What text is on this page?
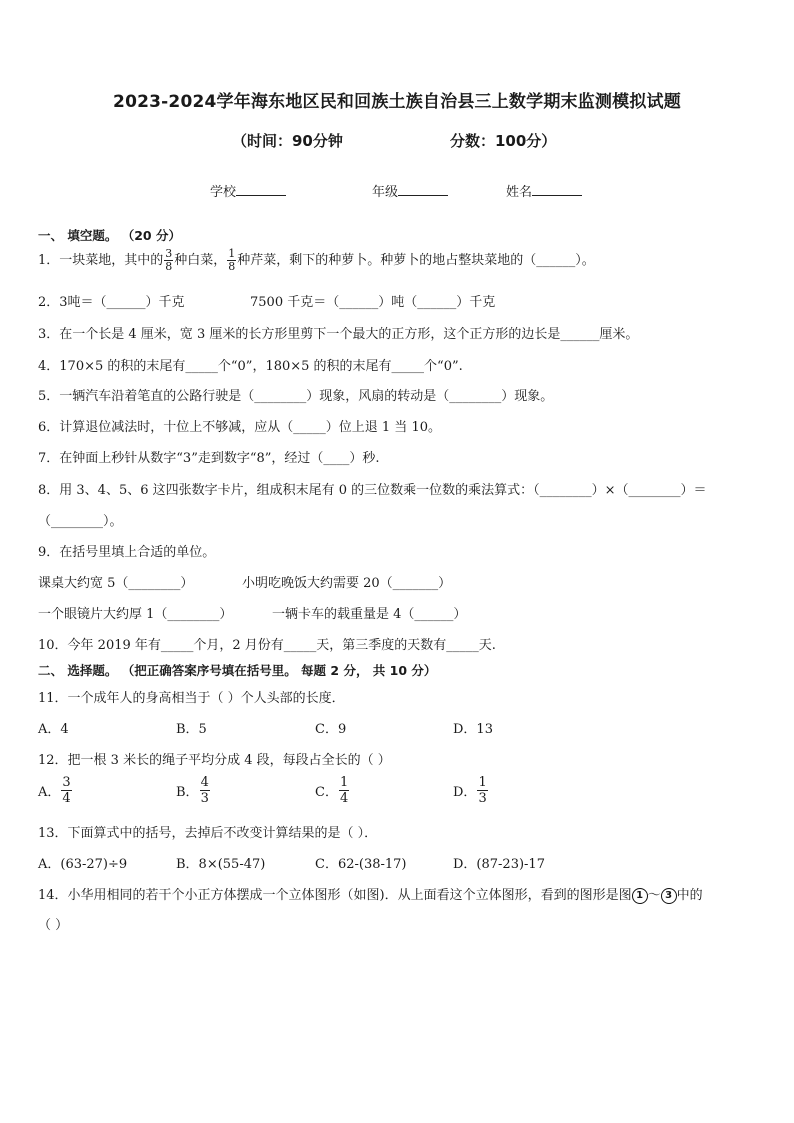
2023-2024学年海东地区民和回族土族自治县三上数学期末监测模拟试题
（时间：90分钟	分数：100分）
学校	年级	姓名
一、 填空题。 （20 分）
1．一块菜地，其中的 $\frac{3}{8}$ 种白菜， $\frac{1}{8}$ 种芹菜，剩下的种萝卜。种萝卜的地占整块菜地的（______）。
2．3吨＝（______）千克	7500 千克＝（______）吨（______）千克
3．在一个长是 4 厘米，宽 3 厘米的长方形里剪下一个最大的正方形，这个正方形的边长是______厘米。
4．170×5 的积的末尾有_____个“0”，180×5 的积的末尾有_____个“0”.
5．一辆汽车沿着笔直的公路行驶是（________）现象，风扇的转动是（________）现象。
6．计算退位减法时，十位上不够减，应从（_____）位上退 1 当 10。
7．在钟面上秒针从数字“3”走到数字“8”，经过（____）秒.
8．用 3、4、5、6 这四张数字卡片，组成积末尾有 0 的三位数乘一位数的乘法算式：（________）×（________）＝
（________）。
9．在括号里填上合适的单位。
课桌大约宽 5（________）	小明吃晚饭大约需要 20（_______）
一个眼镜片大约厚 1（________）	一辆卡车的载重量是 4（______）
10．今年 2019 年有_____个月，2 月份有_____天，第三季度的天数有_____天.
二、 选择题。 （把正确答案序号填在括号里。 每题 2 分， 共 10 分）
11．一个成年人的身高相当于（ ）个人头部的长度．
A．4	B．5	C．9	D．13
12．把一根 3 米长的绳子平均分成 4 段，每段占全长的（ ）
A． $\frac{3}{4}$	B． $\frac{4}{3}$	C． $\frac{1}{4}$	D． $\frac{1}{3}$
13．下面算式中的括号，去掉后不改变计算结果的是（ ）．
A．(63-27)÷9	B．8×(55-47)	C．62-(38-17)	D．(87-23)-17
14．小华用相同的若干个小正方体摆成一个立体图形（如图)．从上面看这个立体图形，看到的图形是图 1 ～ 3 中的
（ ）
